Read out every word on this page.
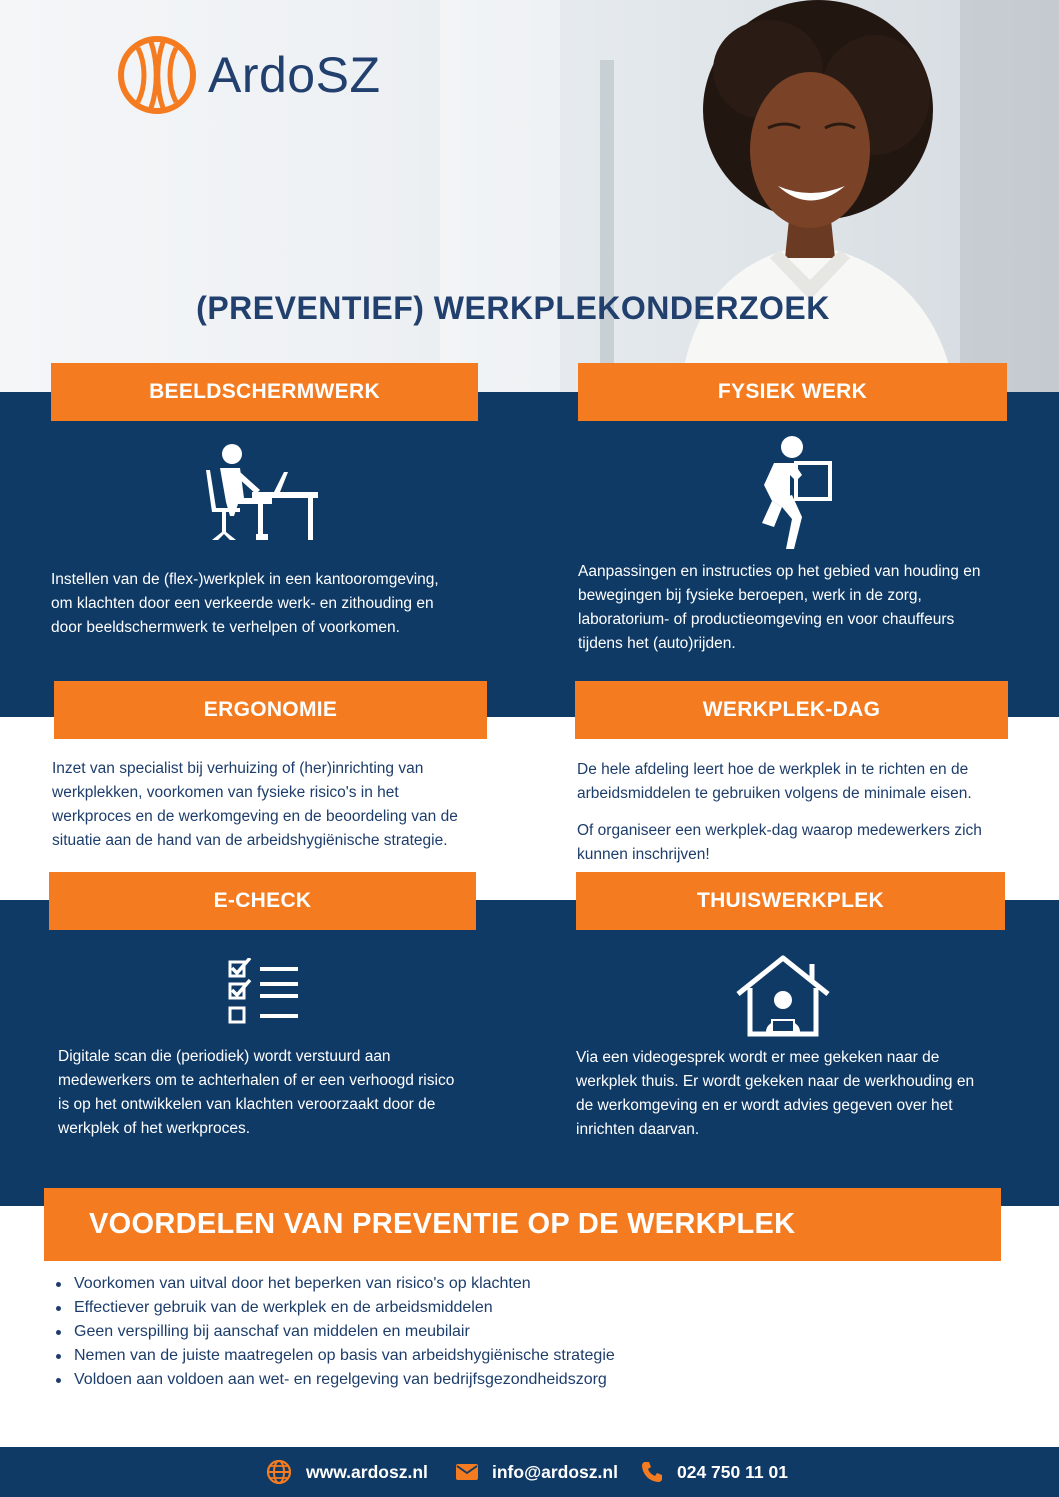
ArdoSZ
(PREVENTIEF) WERKPLEKONDERZOEK
BEELDSCHERMWERK
Instellen van de (flex-)werkplek in een kantooromgeving,
om klachten door een verkeerde werk- en zithouding en
door beeldschermwerk te verhelpen of voorkomen.
FYSIEK WERK
Aanpassingen en instructies op het gebied van houding en
bewegingen bij fysieke beroepen, werk in de zorg,
laboratorium- of productieomgeving en voor chauffeurs
tijdens het (auto)rijden.
ERGONOMIE
Inzet van specialist bij verhuizing of (her)inrichting van
werkplekken, voorkomen van fysieke risico's in het
werkproces en de werkomgeving en de beoordeling van de
situatie aan de hand van de arbeidshygiënische strategie.
WERKPLEK-DAG
De hele afdeling leert hoe de werkplek in te richten en de
arbeidsmiddelen te gebruiken volgens de minimale eisen.
Of organiseer een werkplek-dag waarop medewerkers zich
kunnen inschrijven!
E-CHECK
Digitale scan die (periodiek) wordt verstuurd aan
medewerkers om te achterhalen of er een verhoogd risico
is op het ontwikkelen van klachten veroorzaakt door de
werkplek of het werkproces.
THUISWERKPLEK
Via een videogesprek wordt er mee gekeken naar de
werkplek thuis. Er wordt gekeken naar de werkhouding en
de werkomgeving en er wordt advies gegeven over het
inrichten daarvan.
VOORDELEN VAN PREVENTIE OP DE WERKPLEK
Voorkomen van uitval door het beperken van risico's op klachten
Effectiever gebruik van de werkplek en de arbeidsmiddelen
Geen verspilling bij aanschaf van middelen en meubilair
Nemen van de juiste maatregelen op basis van arbeidshygiënische strategie
Voldoen aan voldoen aan wet- en regelgeving van bedrijfsgezondheidszorg
www.ardosz.nl	info@ardosz.nl	024 750 11 01
